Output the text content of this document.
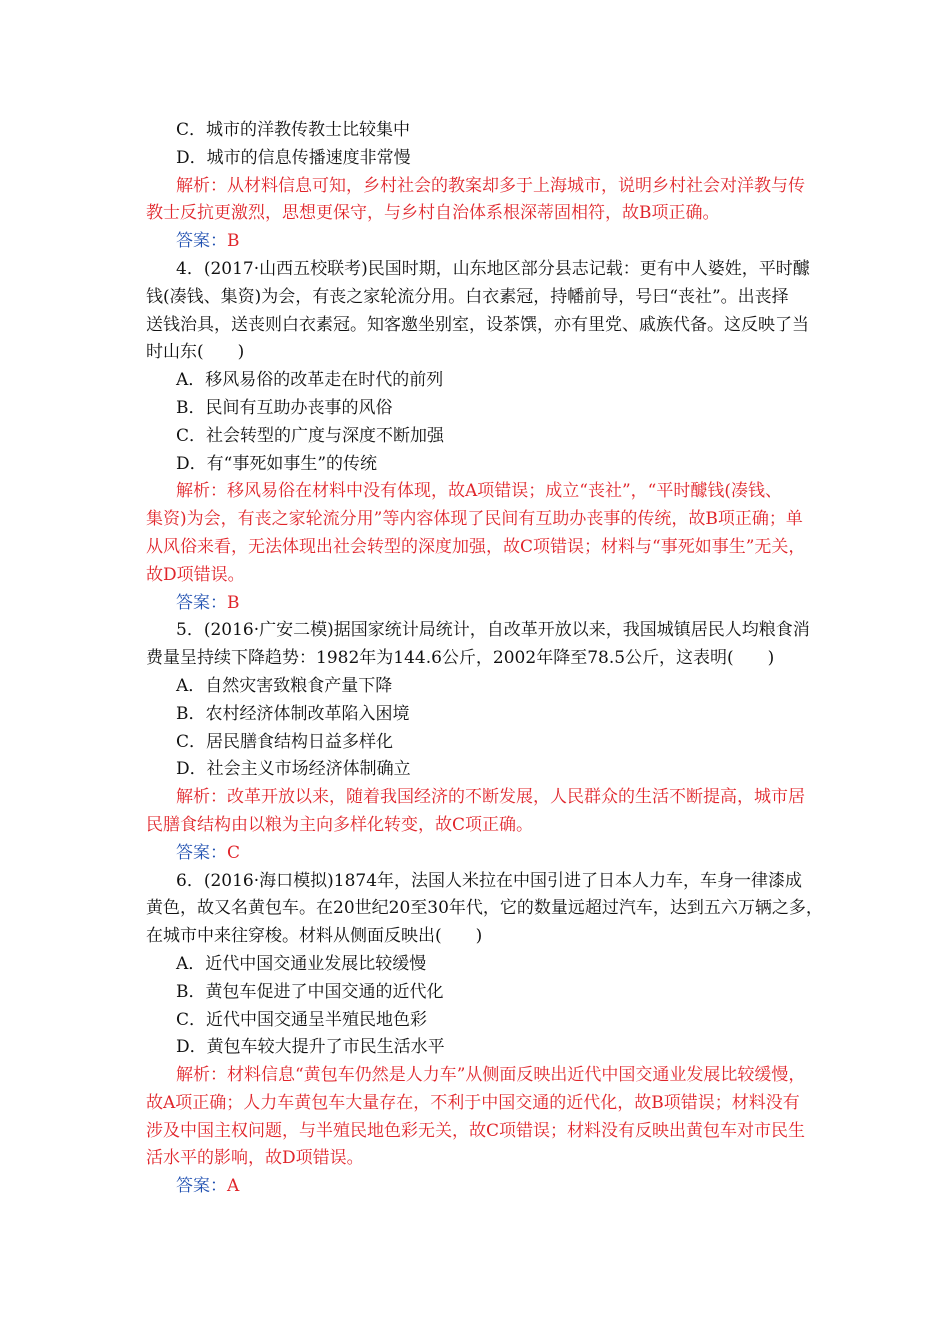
C．城市的洋教传教士比较集中
D．城市的信息传播速度非常慢
解析：从材料信息可知，乡村社会的教案却多于上海城市，说明乡村社会对洋教与传
教士反抗更激烈，思想更保守，与乡村自治体系根深蒂固相符，故B项正确。
答案：B
4．(2017·山西五校联考)民国时期，山东地区部分县志记载：更有中人婆姓，平时醵
钱(凑钱、集资)为会，有丧之家轮流分用。白衣素冠，持幡前导，号曰“丧社”。出丧择
送钱治具，送丧则白衣素冠。知客邀坐别室，设茶馔，亦有里党、戚族代备。这反映了当
时山东(　　)
A．移风易俗的改革走在时代的前列
B．民间有互助办丧事的风俗
C．社会转型的广度与深度不断加强
D．有“事死如事生”的传统
解析：移风易俗在材料中没有体现，故A项错误；成立“丧社”，“平时醵钱(凑钱、
集资)为会，有丧之家轮流分用”等内容体现了民间有互助办丧事的传统，故B项正确；单
从风俗来看，无法体现出社会转型的深度加强，故C项错误；材料与“事死如事生”无关，
故D项错误。
答案：B
5．(2016·广安二模)据国家统计局统计，自改革开放以来，我国城镇居民人均粮食消
费量呈持续下降趋势：1982年为144.6公斤，2002年降至78.5公斤，这表明(　　)
A．自然灾害致粮食产量下降
B．农村经济体制改革陷入困境
C．居民膳食结构日益多样化
D．社会主义市场经济体制确立
解析：改革开放以来，随着我国经济的不断发展，人民群众的生活不断提高，城市居
民膳食结构由以粮为主向多样化转变，故C项正确。
答案：C
6．(2016·海口模拟)1874年，法国人米拉在中国引进了日本人力车，车身一律漆成
黄色，故又名黄包车。在20世纪20至30年代，它的数量远超过汽车，达到五六万辆之多，
在城市中来往穿梭。材料从侧面反映出(　　)
A．近代中国交通业发展比较缓慢
B．黄包车促进了中国交通的近代化
C．近代中国交通呈半殖民地色彩
D．黄包车较大提升了市民生活水平
解析：材料信息“黄包车仍然是人力车”从侧面反映出近代中国交通业发展比较缓慢，
故A项正确；人力车黄包车大量存在，不利于中国交通的近代化，故B项错误；材料没有
涉及中国主权问题，与半殖民地色彩无关，故C项错误；材料没有反映出黄包车对市民生
活水平的影响，故D项错误。
答案：A
